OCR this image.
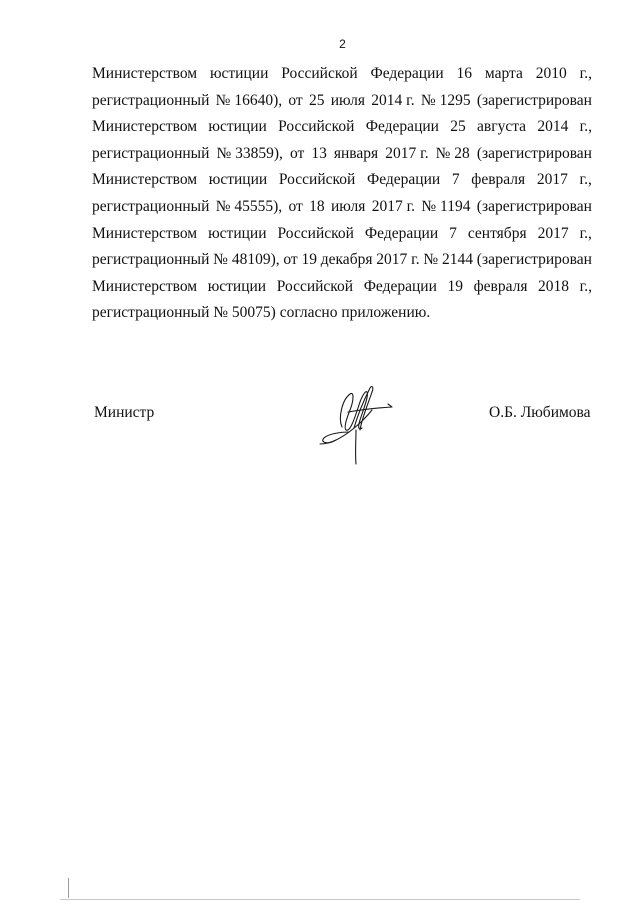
2
Министерством юстиции Российской Федерации 16 марта 2010 г.,
регистрационный № 16640), от 25 июля 2014 г. № 1295 (зарегистрирован
Министерством юстиции Российской Федерации 25 августа 2014 г.,
регистрационный № 33859), от 13 января 2017 г. № 28 (зарегистрирован
Министерством юстиции Российской Федерации 7 февраля 2017 г.,
регистрационный № 45555), от 18 июля 2017 г. № 1194 (зарегистрирован
Министерством юстиции Российской Федерации 7 сентября 2017 г.,
регистрационный № 48109), от 19 декабря 2017 г. № 2144 (зарегистрирован
Министерством юстиции Российской Федерации 19 февраля 2018 г.,
регистрационный № 50075) согласно приложению.
Министр	О.Б. Любимова
